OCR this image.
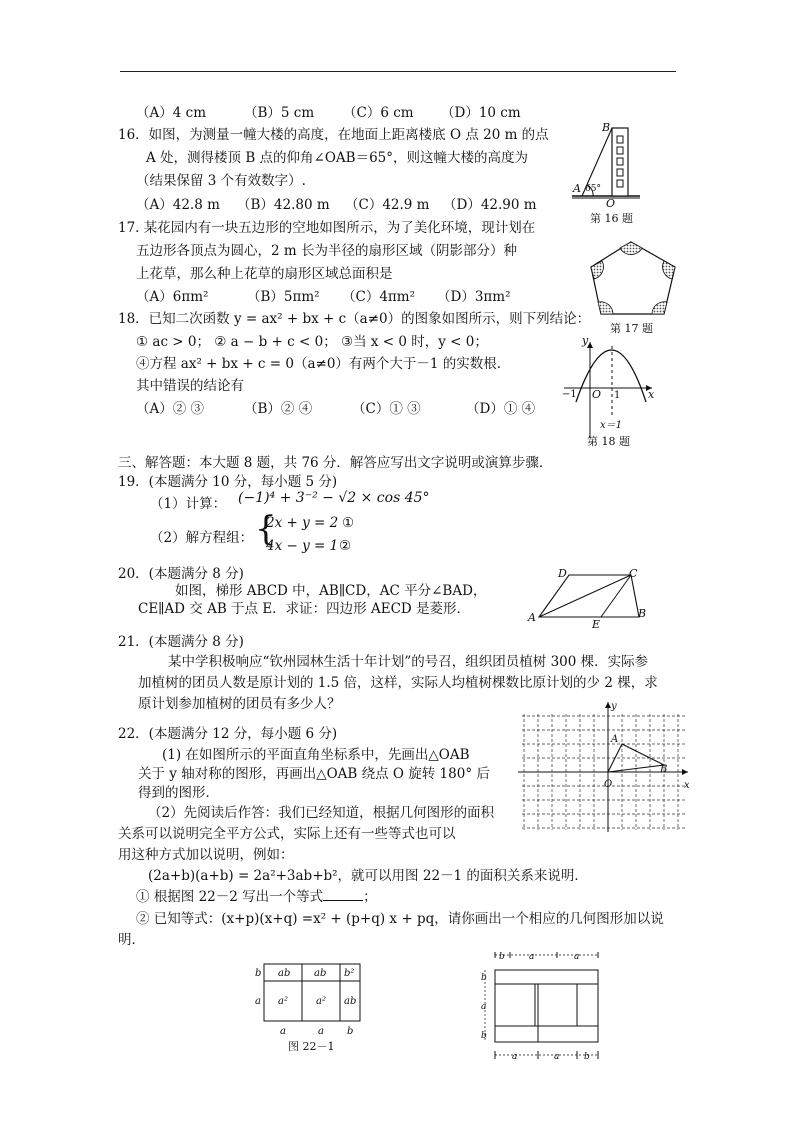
（A）4 cm	（B）5 cm （C）6 cm （D）10 cm
16．如图，为测量一幢大楼的高度，在地面上距离楼底 O 点 20 m 的点
A 处，测得楼顶 B 点的仰角∠OAB＝65°，则这幢大楼的高度为
（结果保留 3 个有效数字）.
（A）42.8 m （B）42.80 m （C）42.9 m （D）42.90 m
B
A 65°
O
第 16 题
17. 某花园内有一块五边形的空地如图所示，为了美化环境，现计划在
五边形各顶点为圆心，2 m 长为半径的扇形区域（阴影部分）种
上花草，那么种上花草的扇形区域总面积是
（A）6πm²	（B）5πm² （C）4πm² （D）3πm²
第 17 题
18．已知二次函数 y = ax² + bx + c（a≠0）的图象如图所示，则下列结论：
① ac > 0； ② a − b + c < 0； ③当 x < 0 时，y < 0；
④方程 ax² + bx + c = 0（a≠0）有两个大于－1 的实数根.
其中错误的结论有
（A）② ③	（B）② ④	（C）① ③	（D）① ④
y
x
−1 O 1
x＝1
第 18 题
三、解答题：本大题 8 题，共 76 分．解答应写出文字说明或演算步骤．
19．(本题满分 10 分，每小题 5 分)
（1）计算： (−1)⁴ + 3⁻² − √2 × cos 45°
（2）解方程组： {
2x + y = 2 ①
4x − y = 1 ②
20．(本题满分 8 分)
如图，梯形 ABCD 中，AB∥CD，AC 平分∠BAD，
CE∥AD 交 AB 于点 E．求证：四边形 AECD 是菱形．
D	C
A
E
B
21．(本题满分 8 分)
某中学积极响应“钦州园林生活十年计划”的号召，组织团员植树 300 棵．实际参
加植树的团员人数是原计划的 1.5 倍，这样，实际人均植树棵数比原计划的少 2 棵，求
原计划参加植树的团员有多少人？
22．(本题满分 12 分，每小题 6 分)
(1) 在如图所示的平面直角坐标系中，先画出△OAB
关于 y 轴对称的图形，再画出△OAB 绕点 O 旋转 180° 后
得到的图形．
（2）先阅读后作答：我们已经知道，根据几何图形的面积
关系可以说明完全平方公式，实际上还有一些等式也可以
用这种方式加以说明，例如：
(2a+b)(a+b) = 2a²+3ab+b²，就可以用图 22－1 的面积关系来说明．
① 根据图 22－2 写出一个等式	；
② 已知等式：(x+p)(x+q) =x² + (p+q) x + pq，请你画出一个相应的几何图形加以说
明．
y
x
O
A
B
ab ab b²
a²	a² ab
b
a
a	a b
图 22－1
b	a	a
b
a
b
a	a	b
